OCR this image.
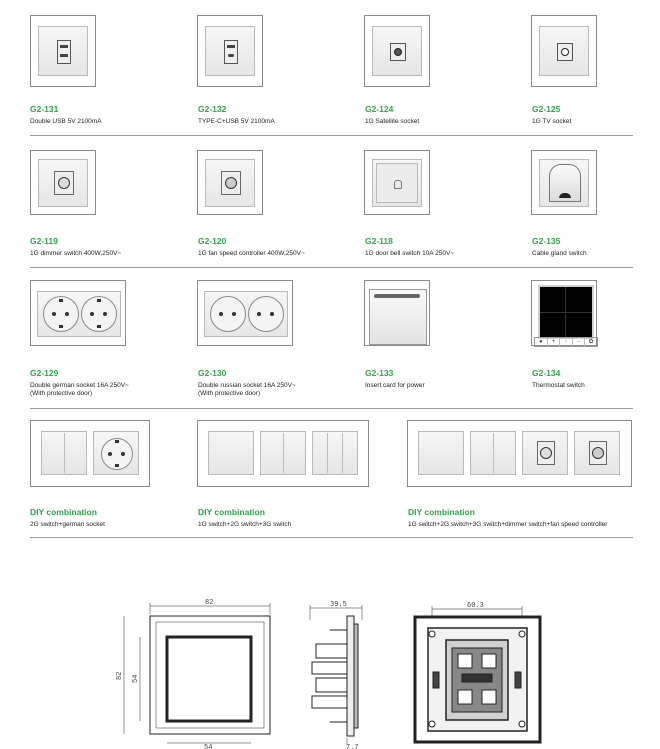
G2-131
Double USB 5V 2100mA
G2-132
TYPE-C+USB 5V 2100mA
G2-124
1G Satellite socket
G2-125
1G TV socket
G2-119
1G dimmer switch 400W,250V~
G2-120
1G fan speed controller 400W,250V~
G2-118
1G door bell switch 10A 250V~
G2-135
Cable gland switch
G2-129
Double german socket 16A 250V~
(With protective door)
G2-130
Double russian socket 16A 250V~
(With protective door)
G2-133
Insert card for power
●	+	◦	-	✿
G2-134
Thermostat switch
DIY combination
2G switch+german socket
DIY combination
1G switch+2G switch+3G switch
DIY combination
1G switch+2G switch+3G switch+dimmer switch+fan speed controller
82
82 54
54
39.5
7.7
60.3
